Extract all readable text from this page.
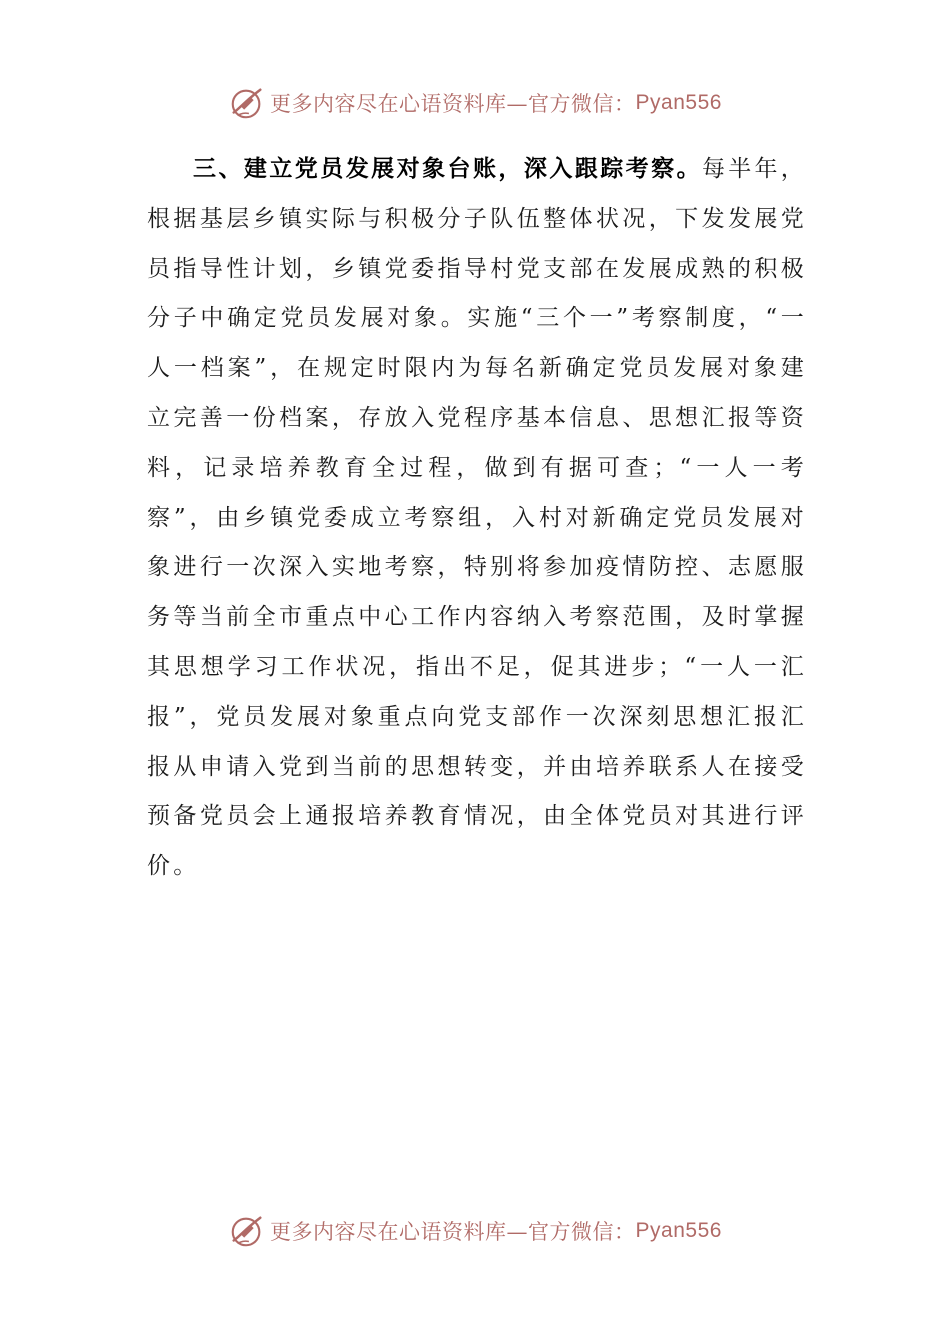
更多内容尽在心语资料库—官方微信： Pyan556

三、建立党员发展对象台账，深入跟踪考察。每半年，根据基层乡镇实际与积极分子队伍整体状况，下发发展党员指导性计划，乡镇党委指导村党支部在发展成熟的积极分子中确定党员发展对象。实施“三个一”考察制度，“一人一档案”，在规定时限内为每名新确定党员发展对象建立完善一份档案，存放入党程序基本信息、思想汇报等资料，记录培养教育全过程，做到有据可查；“一人一考察”，由乡镇党委成立考察组，入村对新确定党员发展对象进行一次深入实地考察，特别将参加疫情防控、志愿服务等当前全市重点中心工作内容纳入考察范围，及时掌握其思想学习工作状况，指出不足，促其进步；“一人一汇报”，党员发展对象重点向党支部作一次深刻思想汇报汇报从申请入党到当前的思想转变，并由培养联系人在接受预备党员会上通报培养教育情况，由全体党员对其进行评价。

更多内容尽在心语资料库—官方微信： Pyan556
